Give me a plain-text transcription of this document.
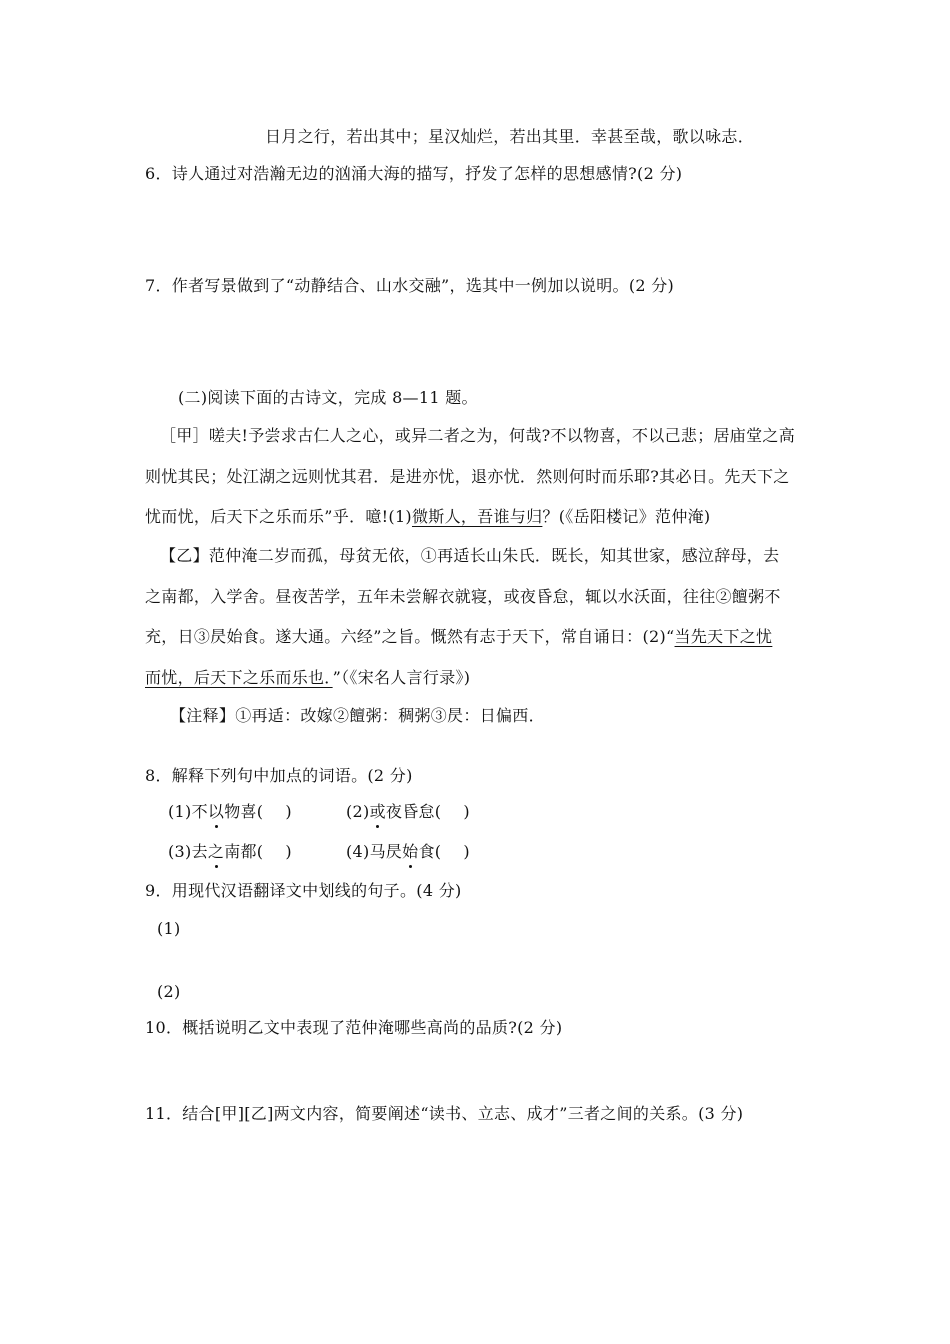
日月之行，若出其中；星汉灿烂，若出其里．幸甚至哉，歌以咏志．
6．诗人通过对浩瀚无边的汹涌大海的描写，抒发了怎样的思想感情?(2 分)
7．作者写景做到了“动静结合、山水交融”，选其中一例加以说明。(2 分)
(二)阅读下面的古诗文，完成 8—11 题。
［甲］嗟夫!予尝求古仁人之心，或异二者之为，何哉?不以物喜，不以己悲；居庙堂之高
则忧其民；处江湖之远则忧其君．是进亦忧，退亦忧．然则何时而乐耶?其必日。先天下之
忧而忧，后天下之乐而乐”乎．噫!(1)微斯人，吾谁与归？(《岳阳楼记》范仲淹)
【乙】范仲淹二岁而孤，母贫无依，①再适长山朱氏．既长，知其世家，感泣辞母，去
之南都，入学舍。昼夜苦学，五年未尝解衣就寝，或夜昏怠，辄以水沃面，往往②饘粥不
充，日③昃始食。遂大通。六经”之旨。慨然有志于天下，常自诵日：(2)“当先天下之忧
而忧，后天下之乐而乐也．”（《宋名人言行录》)
【注释】①再适：改嫁②饘粥：稠粥③昃：日偏西．
8．解释下列句中加点的词语。(2 分)
(1)不以物喜( )	(2)或夜昏怠( )
(3)去之南都( )	(4)马昃始食( )
9．用现代汉语翻译文中划线的句子。(4 分)
(1)
(2)
10．概括说明乙文中表现了范仲淹哪些高尚的品质?(2 分)
11．结合[甲][乙]两文内容，简要阐述“读书、立志、成才”三者之间的关系。(3 分)
